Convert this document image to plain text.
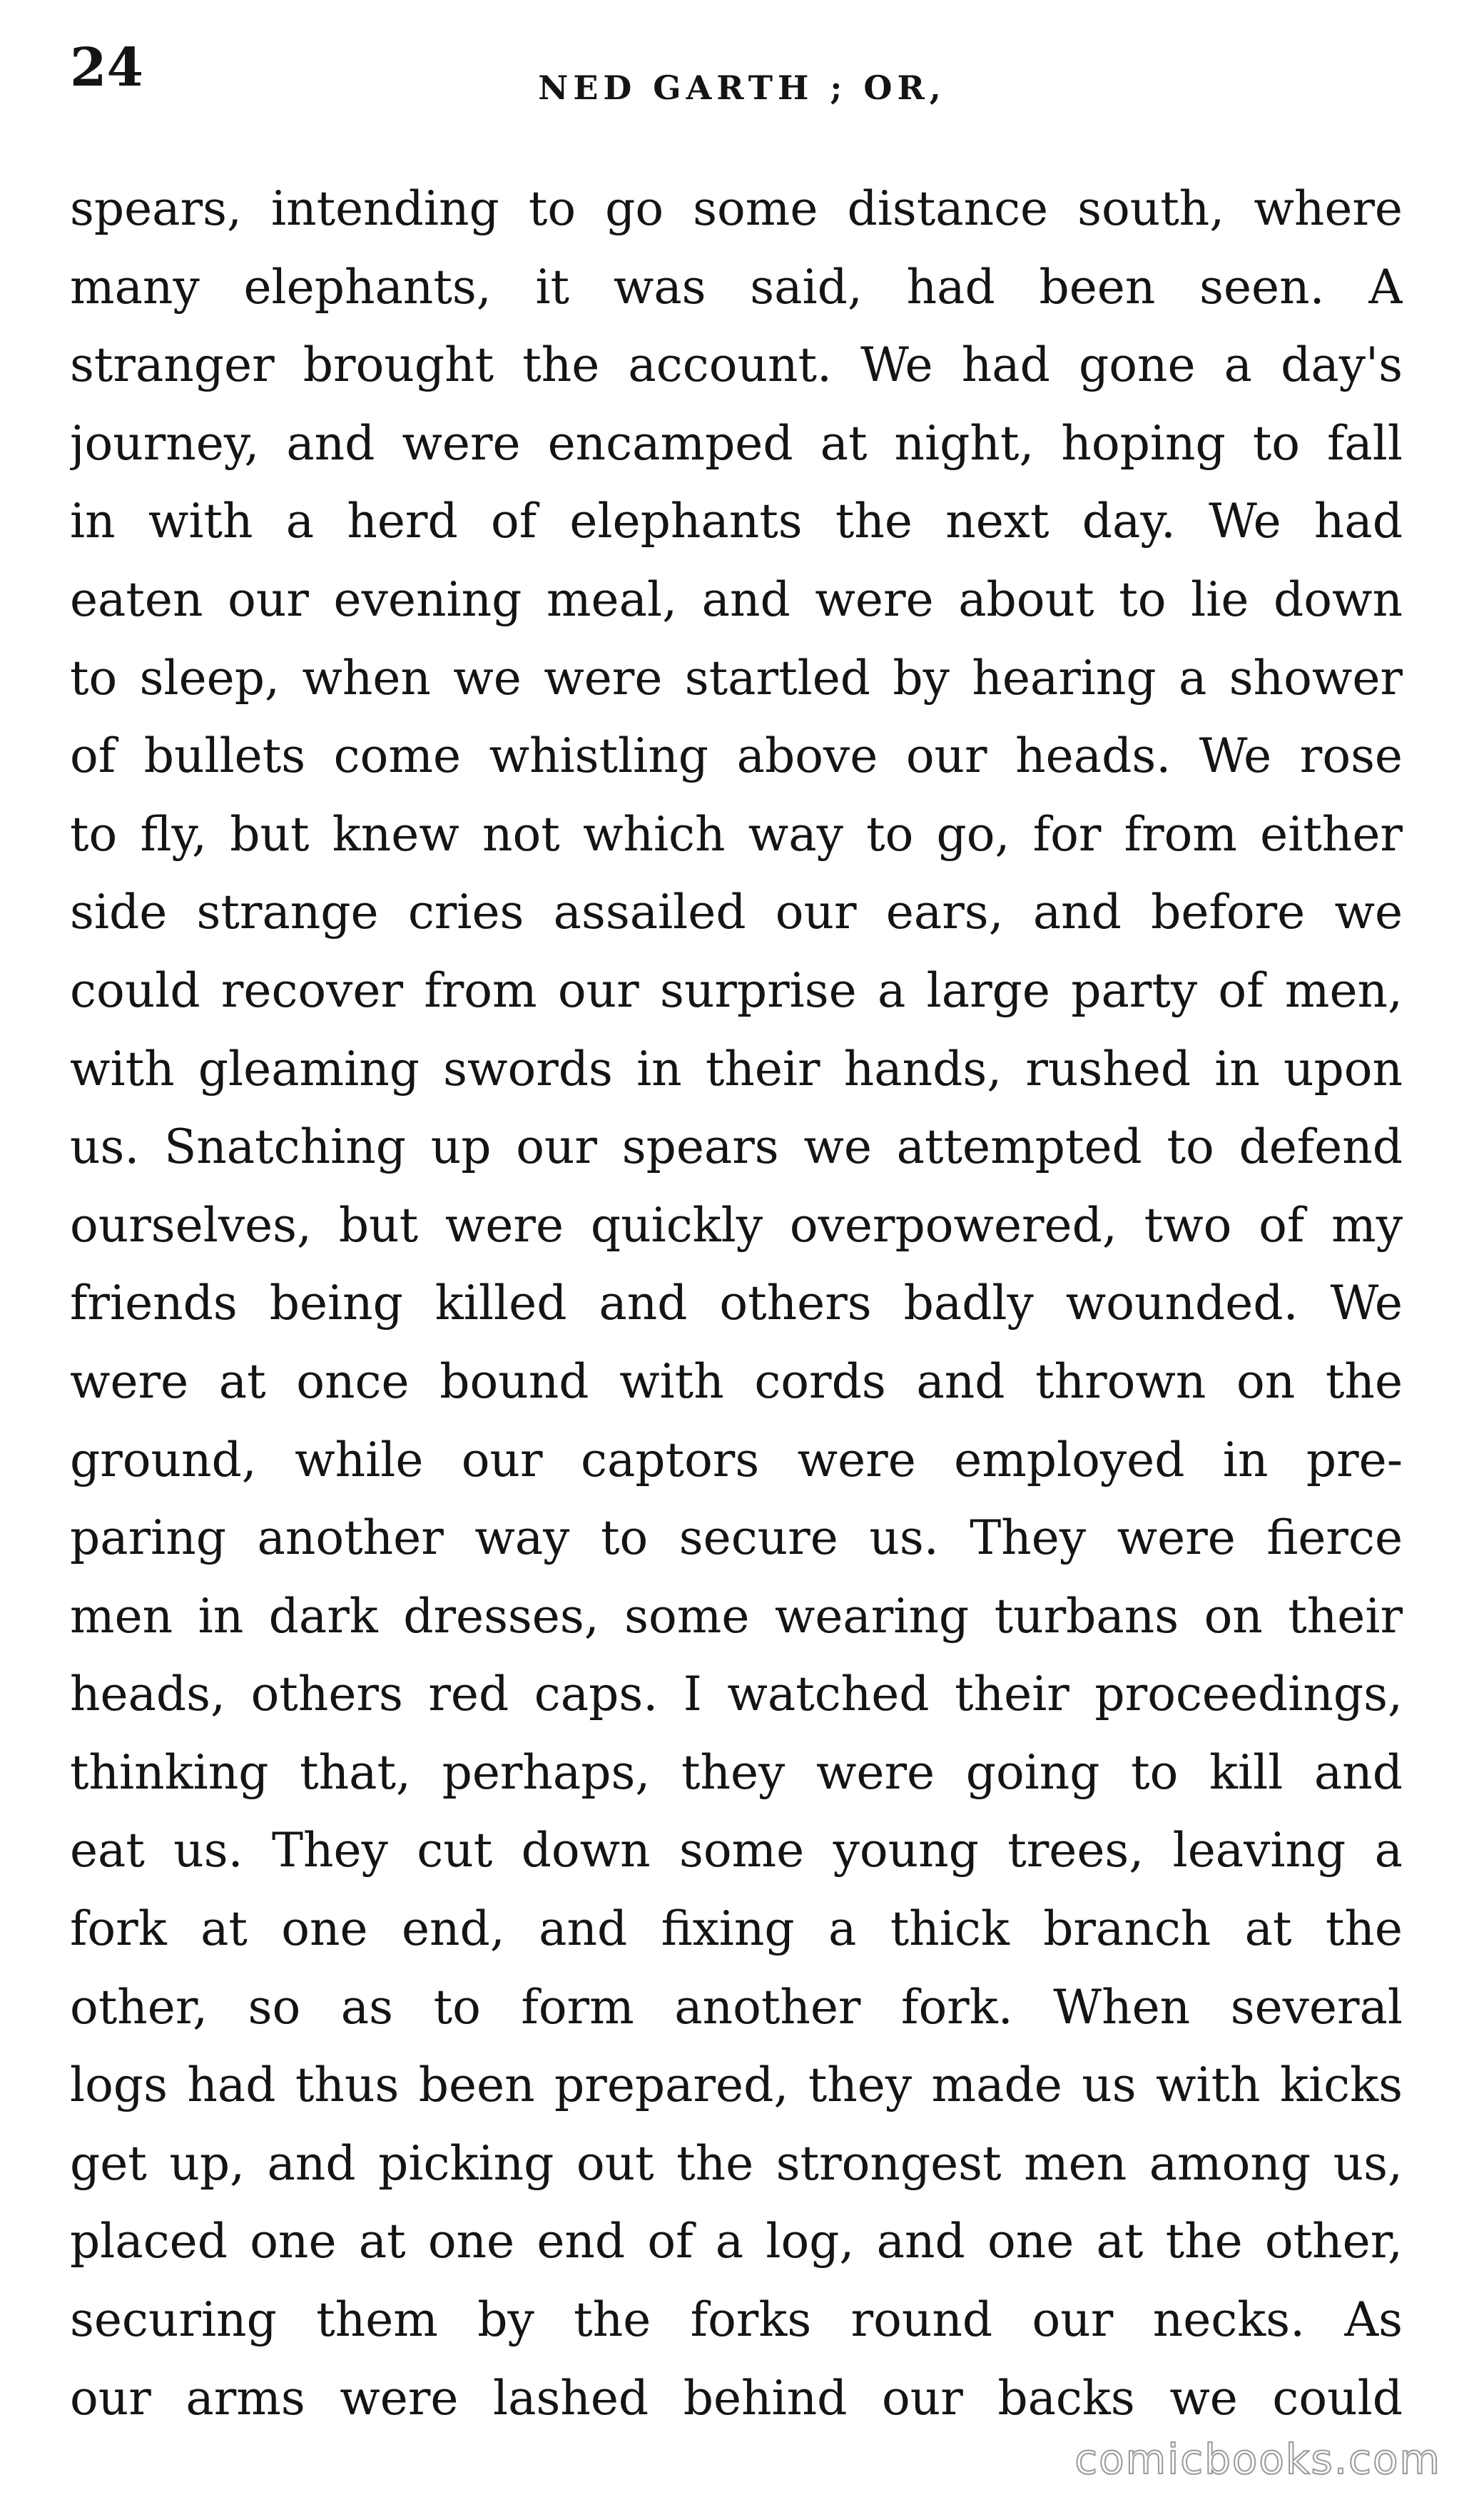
24	NED GARTH ; OR,
spears, intending to go some distance south, where
many elephants, it was said, had been seen. A
stranger brought the account. We had gone a day's
journey, and were encamped at night, hoping to fall
in with a herd of elephants the next day. We had
eaten our evening meal, and were about to lie down
to sleep, when we were startled by hearing a shower
of bullets come whistling above our heads. We rose
to fly, but knew not which way to go, for from either
side strange cries assailed our ears, and before we
could recover from our surprise a large party of men,
with gleaming swords in their hands, rushed in upon
us. Snatching up our spears we attempted to defend
ourselves, but were quickly overpowered, two of my
friends being killed and others badly wounded. We
were at once bound with cords and thrown on the
ground, while our captors were employed in pre-
paring another way to secure us. They were fierce
men in dark dresses, some wearing turbans on their
heads, others red caps. I watched their proceedings,
thinking that, perhaps, they were going to kill and
eat us. They cut down some young trees, leaving a
fork at one end, and fixing a thick branch at the
other, so as to form another fork. When several
logs had thus been prepared, they made us with kicks
get up, and picking out the strongest men among us,
placed one at one end of a log, and one at the other,
securing them by the forks round our necks. As
our arms were lashed behind our backs we could
comicbooks.com
